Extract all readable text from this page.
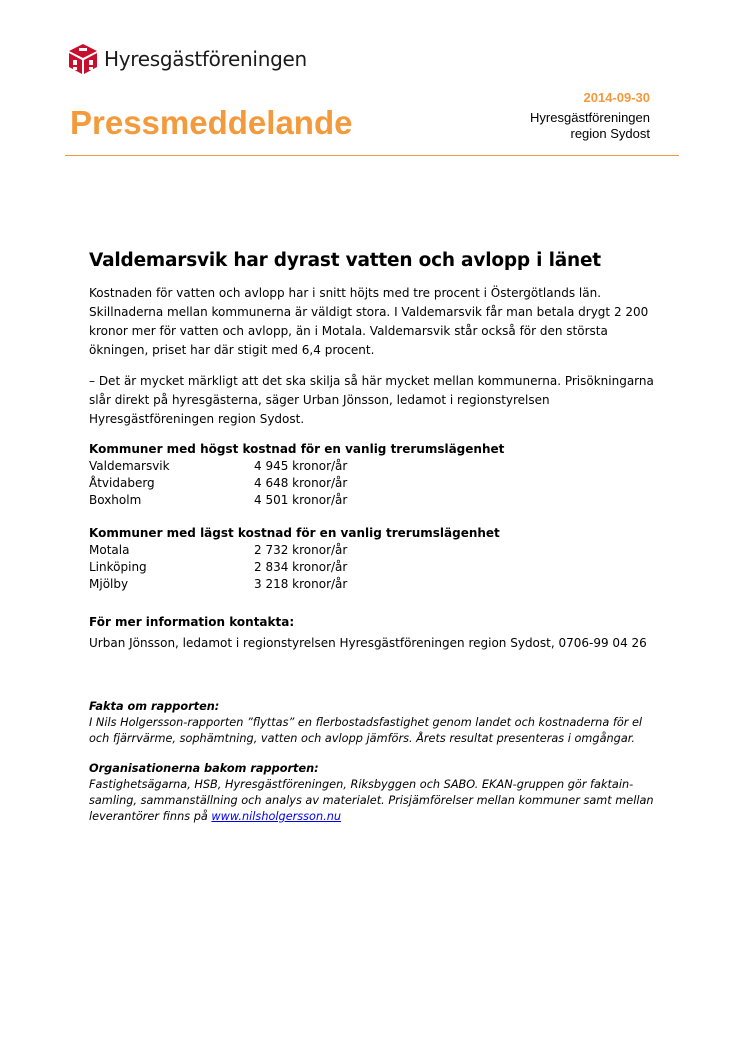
Hyresgästföreningen
Pressmeddelande
2014-09-30
Hyresgästföreningen
region Sydost
Valdemarsvik har dyrast vatten och avlopp i länet

Kostnaden för vatten och avlopp har i snitt höjts med tre procent i Östergötlands län. Skillnaderna mellan kommunerna är väldigt stora. I Valdemarsvik får man betala drygt 2 200 kronor mer för vatten och avlopp, än i Motala. Valdemarsvik står också för den största ökningen, priset har där stigit med 6,4 procent.

– Det är mycket märkligt att det ska skilja så här mycket mellan kommunerna. Prisökningarna slår direkt på hyresgästerna, säger Urban Jönsson, ledamot i regionstyrelsen Hyresgästföreningen region Sydost.

Kommuner med högst kostnad för en vanlig trerumslägenhet
Valdemarsvik	4 945 kronor/år
Åtvidaberg	4 648 kronor/år
Boxholm	4 501 kronor/år
Kommuner med lägst kostnad för en vanlig trerumslägenhet
Motala	2 732 kronor/år
Linköping	2 834 kronor/år
Mjölby	3 218 kronor/år
För mer information kontakta:
Urban Jönsson, ledamot i regionstyrelsen Hyresgästföreningen region Sydost, 0706-99 04 26
Fakta om rapporten:
I Nils Holgersson-rapporten ”flyttas” en flerbostadsfastighet genom landet och kostnaderna för el och fjärrvärme, sophämtning, vatten och avlopp jämförs. Årets resultat presenteras i omgångar.
Organisationerna bakom rapporten:
Fastighetsägarna, HSB, Hyresgästföreningen, Riksbyggen och SABO. EKAN-gruppen gör faktain-samling, sammanställning och analys av materialet. Prisjämförelser mellan kommuner samt mellan leverantörer finns på www.nilsholgersson.nu
